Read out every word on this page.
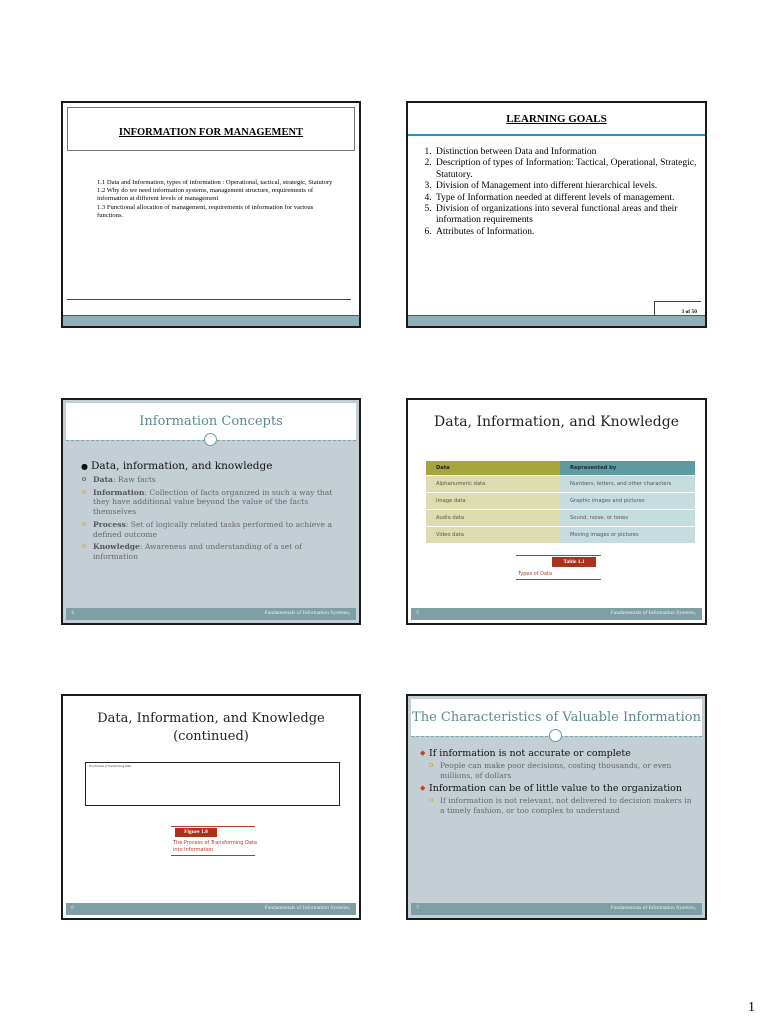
INFORMATION FOR MANAGEMENT
1.1 Data and Information, types of information : Operational, tactical, strategic, Statutory
1.2 Why do we need information systems, management structure, requirements of information at different levels of management
1.3 Functional allocation of management, requirements of information for various functions.
LEARNING GOALS
1. Distinction between Data and Information
2. Description of types of Information: Tactical, Operational, Strategic, Statutory.
3. Division of Management into different hierarchical levels.
4. Type of Information needed at different levels of management.
5. Division of organizations into several functional areas and their information requirements
6. Attributes of Information.
3 of 50
Information Concepts
● Data, information, and knowledge
o Data: Raw facts
o Information: Collection of facts organized in such a way that they have additional value beyond the value of the facts themselves
o Process: Set of logically related tasks performed to achieve a defined outcome
o Knowledge: Awareness and understanding of a set of information
4	Fundamentals of Information Systems,
Data, Information, and Knowledge
Data	Represented by
Alphanumeric data	Numbers, letters, and other characters
Image data	Graphic images and pictures
Audio data	Sound, noise, or tones
Video data	Moving images or pictures
Table 1.1
Types of Data
5	Fundamentals of Information Systems,
Data, Information, and Knowledge (continued)
The Process of Transforming Data
Figure 1.8
The Process of Transforming Data into Information
6	Fundamentals of Information Systems,
The Characteristics of Valuable Information
◆ If information is not accurate or complete
o People can make poor decisions, costing thousands, or even millions, of dollars
◆ Information can be of little value to the organization
o If information is not relevant, not delivered to decision makers in a timely fashion, or too complex to understand
7	Fundamentals of Information Systems,
1
